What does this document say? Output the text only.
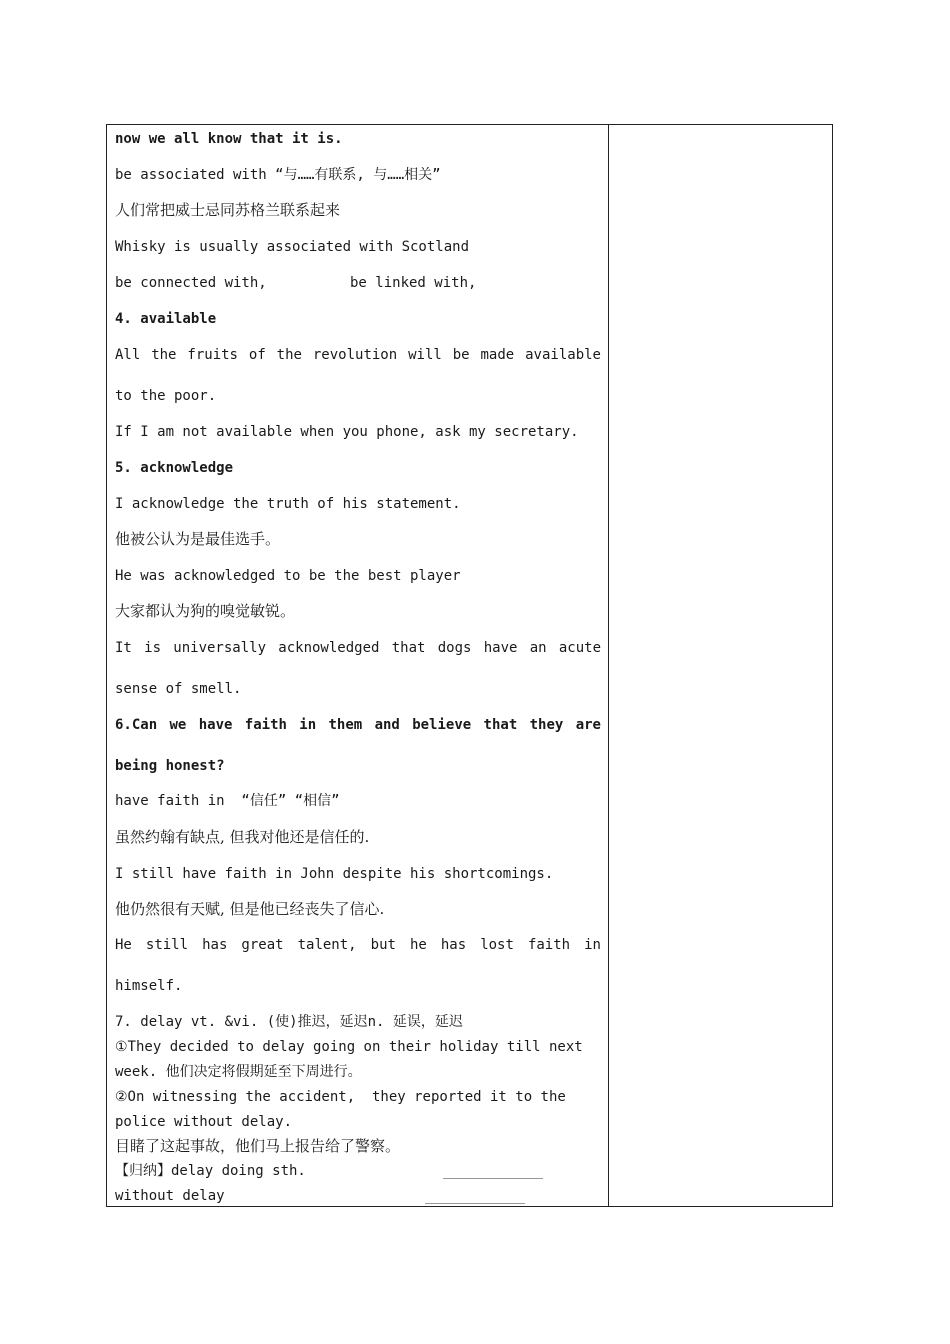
now we all know that it is.
be associated with “与……有联系, 与……相关”
人们常把威士忌同苏格兰联系起来
Whisky is usually associated with Scotland
be connected with,	be linked with,
4. available
All the fruits of the revolution will be made available
to the poor.
If I am not available when you phone, ask my secretary.
5. acknowledge
I acknowledge the truth of his statement.
他被公认为是最佳选手。
He was acknowledged to be the best player
大家都认为狗的嗅觉敏锐。
It is universally acknowledged that dogs have an acute
sense of smell.
6.Can we have faith in them and believe that they are
being honest?
have faith in  “信任” “相信”
虽然约翰有缺点, 但我对他还是信任的.
I still have faith in John despite his shortcomings.
他仍然很有天赋, 但是他已经丧失了信心.
He still has great talent, but he has lost faith in
himself.
7. delay vt. &vi. (使)推迟，延迟n. 延误，延迟
①They decided to delay going on their holiday till next
week. 他们决定将假期延至下周进行。
②On witnessing the accident,  they reported it to the
police without delay.
目睹了这起事故，他们马上报告给了警察。
【归纳】delay doing sth.
without delay
